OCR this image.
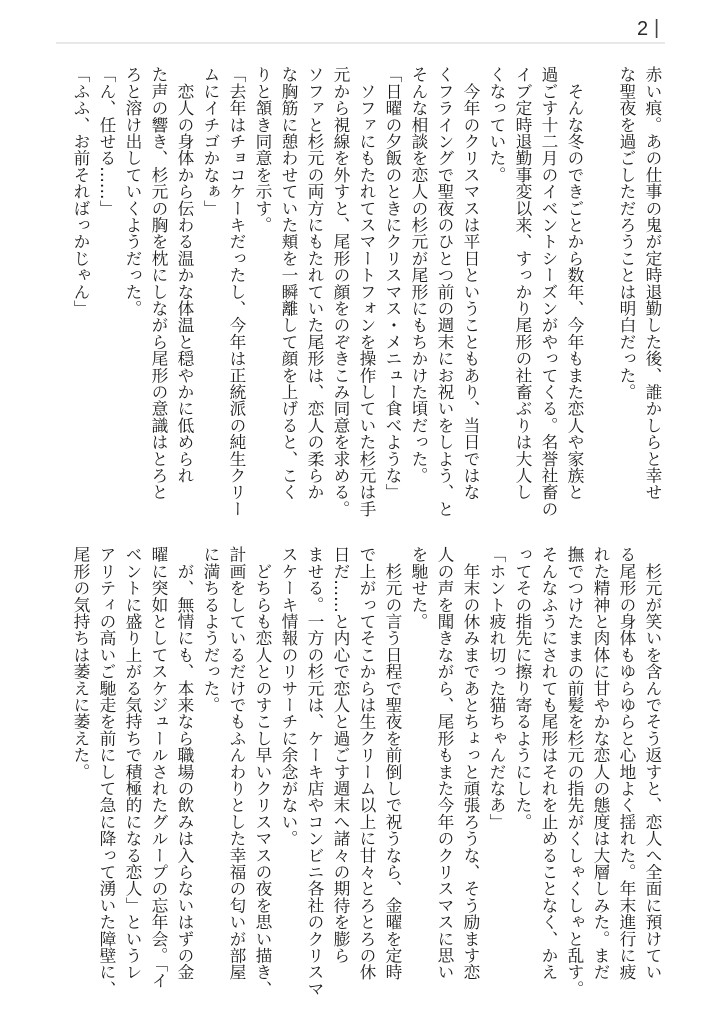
2 |
赤い痕。あの仕事の鬼が定時退勤した後、誰かしらと幸せ
な聖夜を過ごしただろうことは明白だった。
　そんな冬のできごとから数年、今年もまた恋人や家族と
過ごす十二月のイベントシーズンがやってくる。名誉社畜の
イブ定時退勤事変以来、すっかり尾形の社畜ぶりは大人し
くなっていた。
　今年のクリスマスは平日ということもあり、当日ではな
くフライングで聖夜のひとつ前の週末にお祝いをしよう、と
そんな相談を恋人の杉元が尾形にもちかけた頃だった。
「日曜の夕飯のときにクリスマス・メニュー食べような」
　ソファにもたれてスマートフォンを操作していた杉元は手
元から視線を外すと、尾形の顔をのぞきこみ同意を求める。
ソファと杉元の両方にもたれていた尾形は、恋人の柔らか
な胸筋に憩わせていた頬を一瞬離して顔を上げると、こく
りと頷き同意を示す。
「去年はチョコケーキだったし、今年は正統派の純生クリー
ムにイチゴかなぁ」
　恋人の身体から伝わる温かな体温と穏やかに低められ
た声の響き、杉元の胸を枕にしながら尾形の意識はとろと
ろと溶け出していくようだった。
「ん、任せる……」
「ふふ、お前そればっかじゃん」
　杉元が笑いを含んでそう返すと、恋人へ全面に預けてい
る尾形の身体もゆらゆらと心地よく揺れた。年末進行に疲
れた精神と肉体に甘やかな恋人の態度は大層しみた。まだ
撫でつけたままの前髪を杉元の指先がくしゃくしゃと乱す。
そんなふうにされても尾形はそれを止めることなく、かえ
ってその指先に擦り寄るようにした。
「ホント疲れ切った猫ちゃんだなあ」
　年末の休みまであとちょっと頑張ろうな、そう励ます恋
人の声を聞きながら、尾形もまた今年のクリスマスに思い
を馳せた。
　杉元の言う日程で聖夜を前倒しで祝うなら、金曜を定時
で上がってそこからは生クリーム以上に甘々とろとろの休
日だ……と内心で恋人と過ごす週末へ諸々の期待を膨ら
ませる。一方の杉元は、ケーキ店やコンビニ各社のクリスマ
スケーキ情報のリサーチに余念がない。
　どちらも恋人とのすこし早いクリスマスの夜を思い描き、
計画をしているだけでもふんわりとした幸福の匂いが部屋
に満ちるようだった。
　が、無情にも、本来なら職場の飲みは入らないはずの金
曜に突如としてスケジュールされたグループの忘年会。「イ
ベントに盛り上がる気持ちで積極的になる恋人」というレ
アリティの高いご馳走を前にして急に降って湧いた障壁に、
尾形の気持ちは萎えに萎えた。
